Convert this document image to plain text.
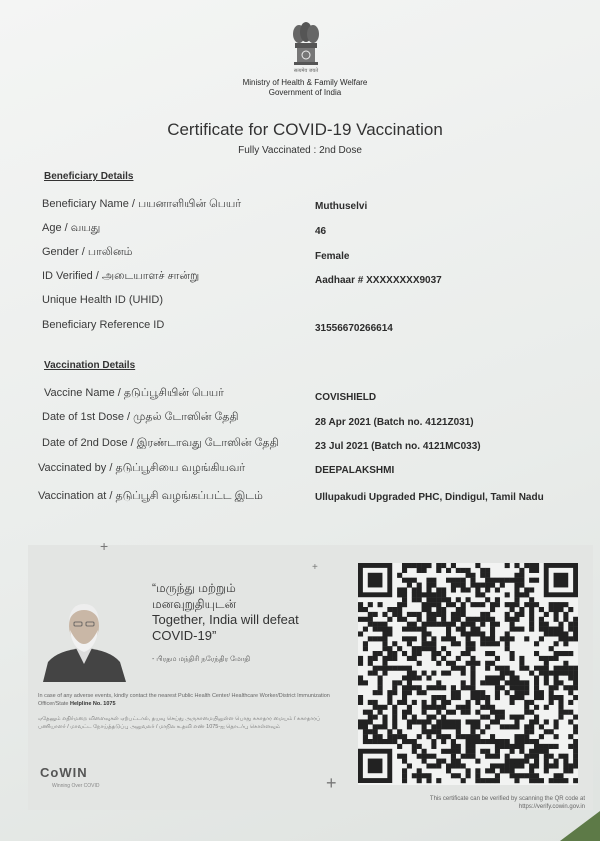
सत्यमेव जयते
Ministry of Health & Family Welfare
Government of India
Certificate for COVID-19 Vaccination
Fully Vaccinated : 2nd Dose
Beneficiary Details
Beneficiary Name / பயனாளியின் பெயர்	Muthuselvi
Age / வயது	46
Gender / பாலினம்	Female
ID Verified / அடையாளச் சான்று	Aadhaar # XXXXXXXX9037
Unique Health ID (UHID)
Beneficiary Reference ID	31556670266614
Vaccination Details
Vaccine Name / தடுப்பூசியின் பெயர்	COVISHIELD
Date of 1st Dose / முதல் டோஸின் தேதி	28 Apr 2021 (Batch no. 4121Z031)
Date of 2nd Dose / இரண்டாவது டோஸின் தேதி	23 Jul 2021 (Batch no. 4121MC033)
Vaccinated by / தடுப்பூசியை வழங்கியவர்	DEEPALAKSHMI
Vaccination at / தடுப்பூசி வழங்கப்பட்ட இடம்	Ullupakudi Upgraded PHC, Dindigul, Tamil Nadu
+
+
+
“மருந்து மற்றும்
மனவுறுதியுடன்
Together, India will defeat COVID-19”
- பிரதம மந்திரி நரேந்திர மோதி
In case of any adverse events, kindly contact the nearest Public Health Center/ Healthcare Worker/District Immunization Officer/State Helpline No. 1075
ஏதேனும் எதிர்மறை விளைவுகள் ஏற்பட்டால், தயவு செய்து அருகாமையிலுள்ள பொது சுகாதார மையம் / சுகாதாரப் பணியாளர் / மாவட்ட நோய்த்தடுப்பு அலுவலர் / மாநில உதவி எண் 1075-ஐ தொடர்பு கொள்ளவும்
CoWIN
Winning Over COVID
This certificate can be verified by scanning the QR code at https://verify.cowin.gov.in
